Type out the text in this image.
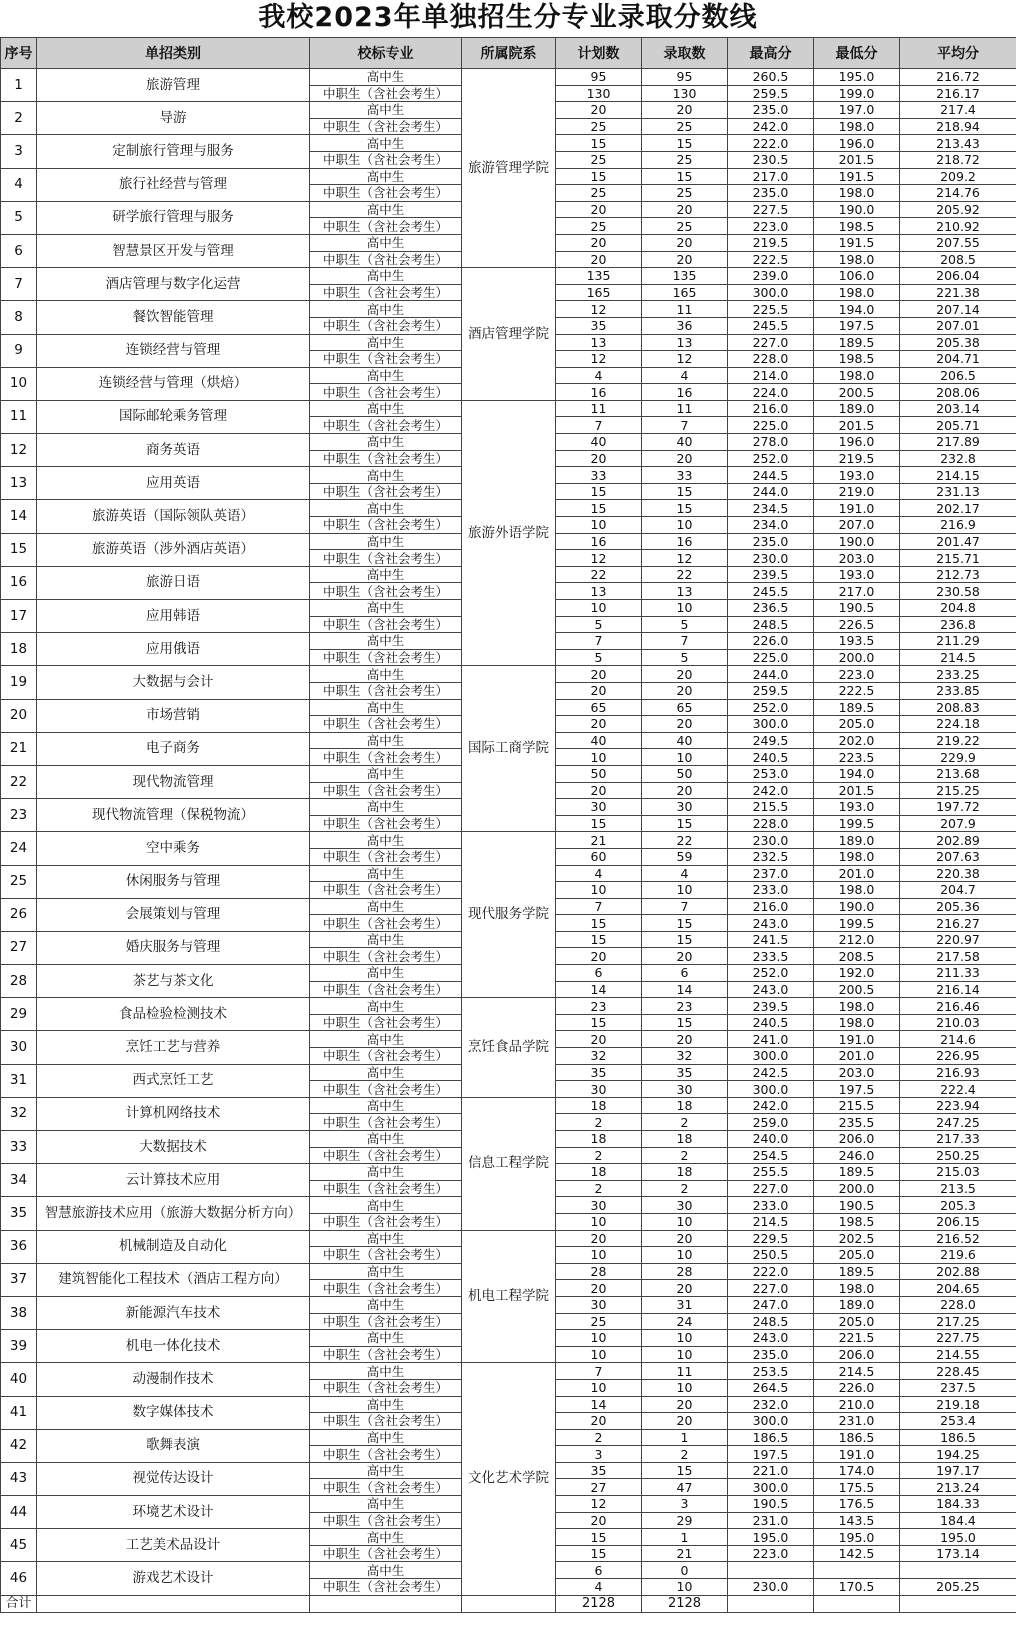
我校2023年单独招生分专业录取分数线
序号	单招类别	校标专业	所属院系	计划数	录取数	最高分	最低分	平均分
1	旅游管理	高中生	旅游管理学院	95	95	260.5	195.0	216.72
		中职生（含社会考生）		130	130	259.5	199.0	216.17
2	导游	高中生		20	20	235.0	197.0	217.4
		中职生（含社会考生）		25	25	242.0	198.0	218.94
3	定制旅行管理与服务	高中生		15	15	222.0	196.0	213.43
		中职生（含社会考生）		25	25	230.5	201.5	218.72
4	旅行社经营与管理	高中生		15	15	217.0	191.5	209.2
		中职生（含社会考生）		25	25	235.0	198.0	214.76
5	研学旅行管理与服务	高中生		20	20	227.5	190.0	205.92
		中职生（含社会考生）		25	25	223.0	198.5	210.92
6	智慧景区开发与管理	高中生		20	20	219.5	191.5	207.55
		中职生（含社会考生）		20	20	222.5	198.0	208.5
7	酒店管理与数字化运营	高中生	酒店管理学院	135	135	239.0	106.0	206.04
		中职生（含社会考生）		165	165	300.0	198.0	221.38
8	餐饮智能管理	高中生		12	11	225.5	194.0	207.14
		中职生（含社会考生）		35	36	245.5	197.5	207.01
9	连锁经营与管理	高中生		13	13	227.0	189.5	205.38
		中职生（含社会考生）		12	12	228.0	198.5	204.71
10	连锁经营与管理（烘焙）	高中生		4	4	214.0	198.0	206.5
		中职生（含社会考生）		16	16	224.0	200.5	208.06
11	国际邮轮乘务管理	高中生	旅游外语学院	11	11	216.0	189.0	203.14
		中职生（含社会考生）		7	7	225.0	201.5	205.71
12	商务英语	高中生		40	40	278.0	196.0	217.89
		中职生（含社会考生）		20	20	252.0	219.5	232.8
13	应用英语	高中生		33	33	244.5	193.0	214.15
		中职生（含社会考生）		15	15	244.0	219.0	231.13
14	旅游英语（国际领队英语）	高中生		15	15	234.5	191.0	202.17
		中职生（含社会考生）		10	10	234.0	207.0	216.9
15	旅游英语（涉外酒店英语）	高中生		16	16	235.0	190.0	201.47
		中职生（含社会考生）		12	12	230.0	203.0	215.71
16	旅游日语	高中生		22	22	239.5	193.0	212.73
		中职生（含社会考生）		13	13	245.5	217.0	230.58
17	应用韩语	高中生		10	10	236.5	190.5	204.8
		中职生（含社会考生）		5	5	248.5	226.5	236.8
18	应用俄语	高中生		7	7	226.0	193.5	211.29
		中职生（含社会考生）		5	5	225.0	200.0	214.5
19	大数据与会计	高中生	国际工商学院	20	20	244.0	223.0	233.25
		中职生（含社会考生）		20	20	259.5	222.5	233.85
20	市场营销	高中生		65	65	252.0	189.5	208.83
		中职生（含社会考生）		20	20	300.0	205.0	224.18
21	电子商务	高中生		40	40	249.5	202.0	219.22
		中职生（含社会考生）		10	10	240.5	223.5	229.9
22	现代物流管理	高中生		50	50	253.0	194.0	213.68
		中职生（含社会考生）		20	20	242.0	201.5	215.25
23	现代物流管理（保税物流）	高中生		30	30	215.5	193.0	197.72
		中职生（含社会考生）		15	15	228.0	199.5	207.9
24	空中乘务	高中生	现代服务学院	21	22	230.0	189.0	202.89
		中职生（含社会考生）		60	59	232.5	198.0	207.63
25	休闲服务与管理	高中生		4	4	237.0	201.0	220.38
		中职生（含社会考生）		10	10	233.0	198.0	204.7
26	会展策划与管理	高中生		7	7	216.0	190.0	205.36
		中职生（含社会考生）		15	15	243.0	199.5	216.27
27	婚庆服务与管理	高中生		15	15	241.5	212.0	220.97
		中职生（含社会考生）		20	20	233.5	208.5	217.58
28	茶艺与茶文化	高中生		6	6	252.0	192.0	211.33
		中职生（含社会考生）		14	14	243.0	200.5	216.14
29	食品检验检测技术	高中生	烹饪食品学院	23	23	239.5	198.0	216.46
		中职生（含社会考生）		15	15	240.5	198.0	210.03
30	烹饪工艺与营养	高中生		20	20	241.0	191.0	214.6
		中职生（含社会考生）		32	32	300.0	201.0	226.95
31	西式烹饪工艺	高中生		35	35	242.5	203.0	216.93
		中职生（含社会考生）		30	30	300.0	197.5	222.4
32	计算机网络技术	高中生	信息工程学院	18	18	242.0	215.5	223.94
		中职生（含社会考生）		2	2	259.0	235.5	247.25
33	大数据技术	高中生		18	18	240.0	206.0	217.33
		中职生（含社会考生）		2	2	254.5	246.0	250.25
34	云计算技术应用	高中生		18	18	255.5	189.5	215.03
		中职生（含社会考生）		2	2	227.0	200.0	213.5
35	智慧旅游技术应用（旅游大数据分析方向）	高中生		30	30	233.0	190.5	205.3
		中职生（含社会考生）		10	10	214.5	198.5	206.15
36	机械制造及自动化	高中生	机电工程学院	20	20	229.5	202.5	216.52
		中职生（含社会考生）		10	10	250.5	205.0	219.6
37	建筑智能化工程技术（酒店工程方向）	高中生		28	28	222.0	189.5	202.88
		中职生（含社会考生）		20	20	227.0	198.0	204.65
38	新能源汽车技术	高中生		30	31	247.0	189.0	228.0
		中职生（含社会考生）		25	24	248.5	205.0	217.25
39	机电一体化技术	高中生		10	10	243.0	221.5	227.75
		中职生（含社会考生）		10	10	235.0	206.0	214.55
40	动漫制作技术	高中生	文化艺术学院	7	11	253.5	214.5	228.45
		中职生（含社会考生）		10	10	264.5	226.0	237.5
41	数字媒体技术	高中生		14	20	232.0	210.0	219.18
		中职生（含社会考生）		20	20	300.0	231.0	253.4
42	歌舞表演	高中生		2	1	186.5	186.5	186.5
		中职生（含社会考生）		3	2	197.5	191.0	194.25
43	视觉传达设计	高中生		35	15	221.0	174.0	197.17
		中职生（含社会考生）		27	47	300.0	175.5	213.24
44	环境艺术设计	高中生		12	3	190.5	176.5	184.33
		中职生（含社会考生）		20	29	231.0	143.5	184.4
45	工艺美术品设计	高中生		15	1	195.0	195.0	195.0
		中职生（含社会考生）		15	21	223.0	142.5	173.14
46	游戏艺术设计	高中生		6	0			
		中职生（含社会考生）		4	10	230.0	170.5	205.25
合计				2128	2128			
